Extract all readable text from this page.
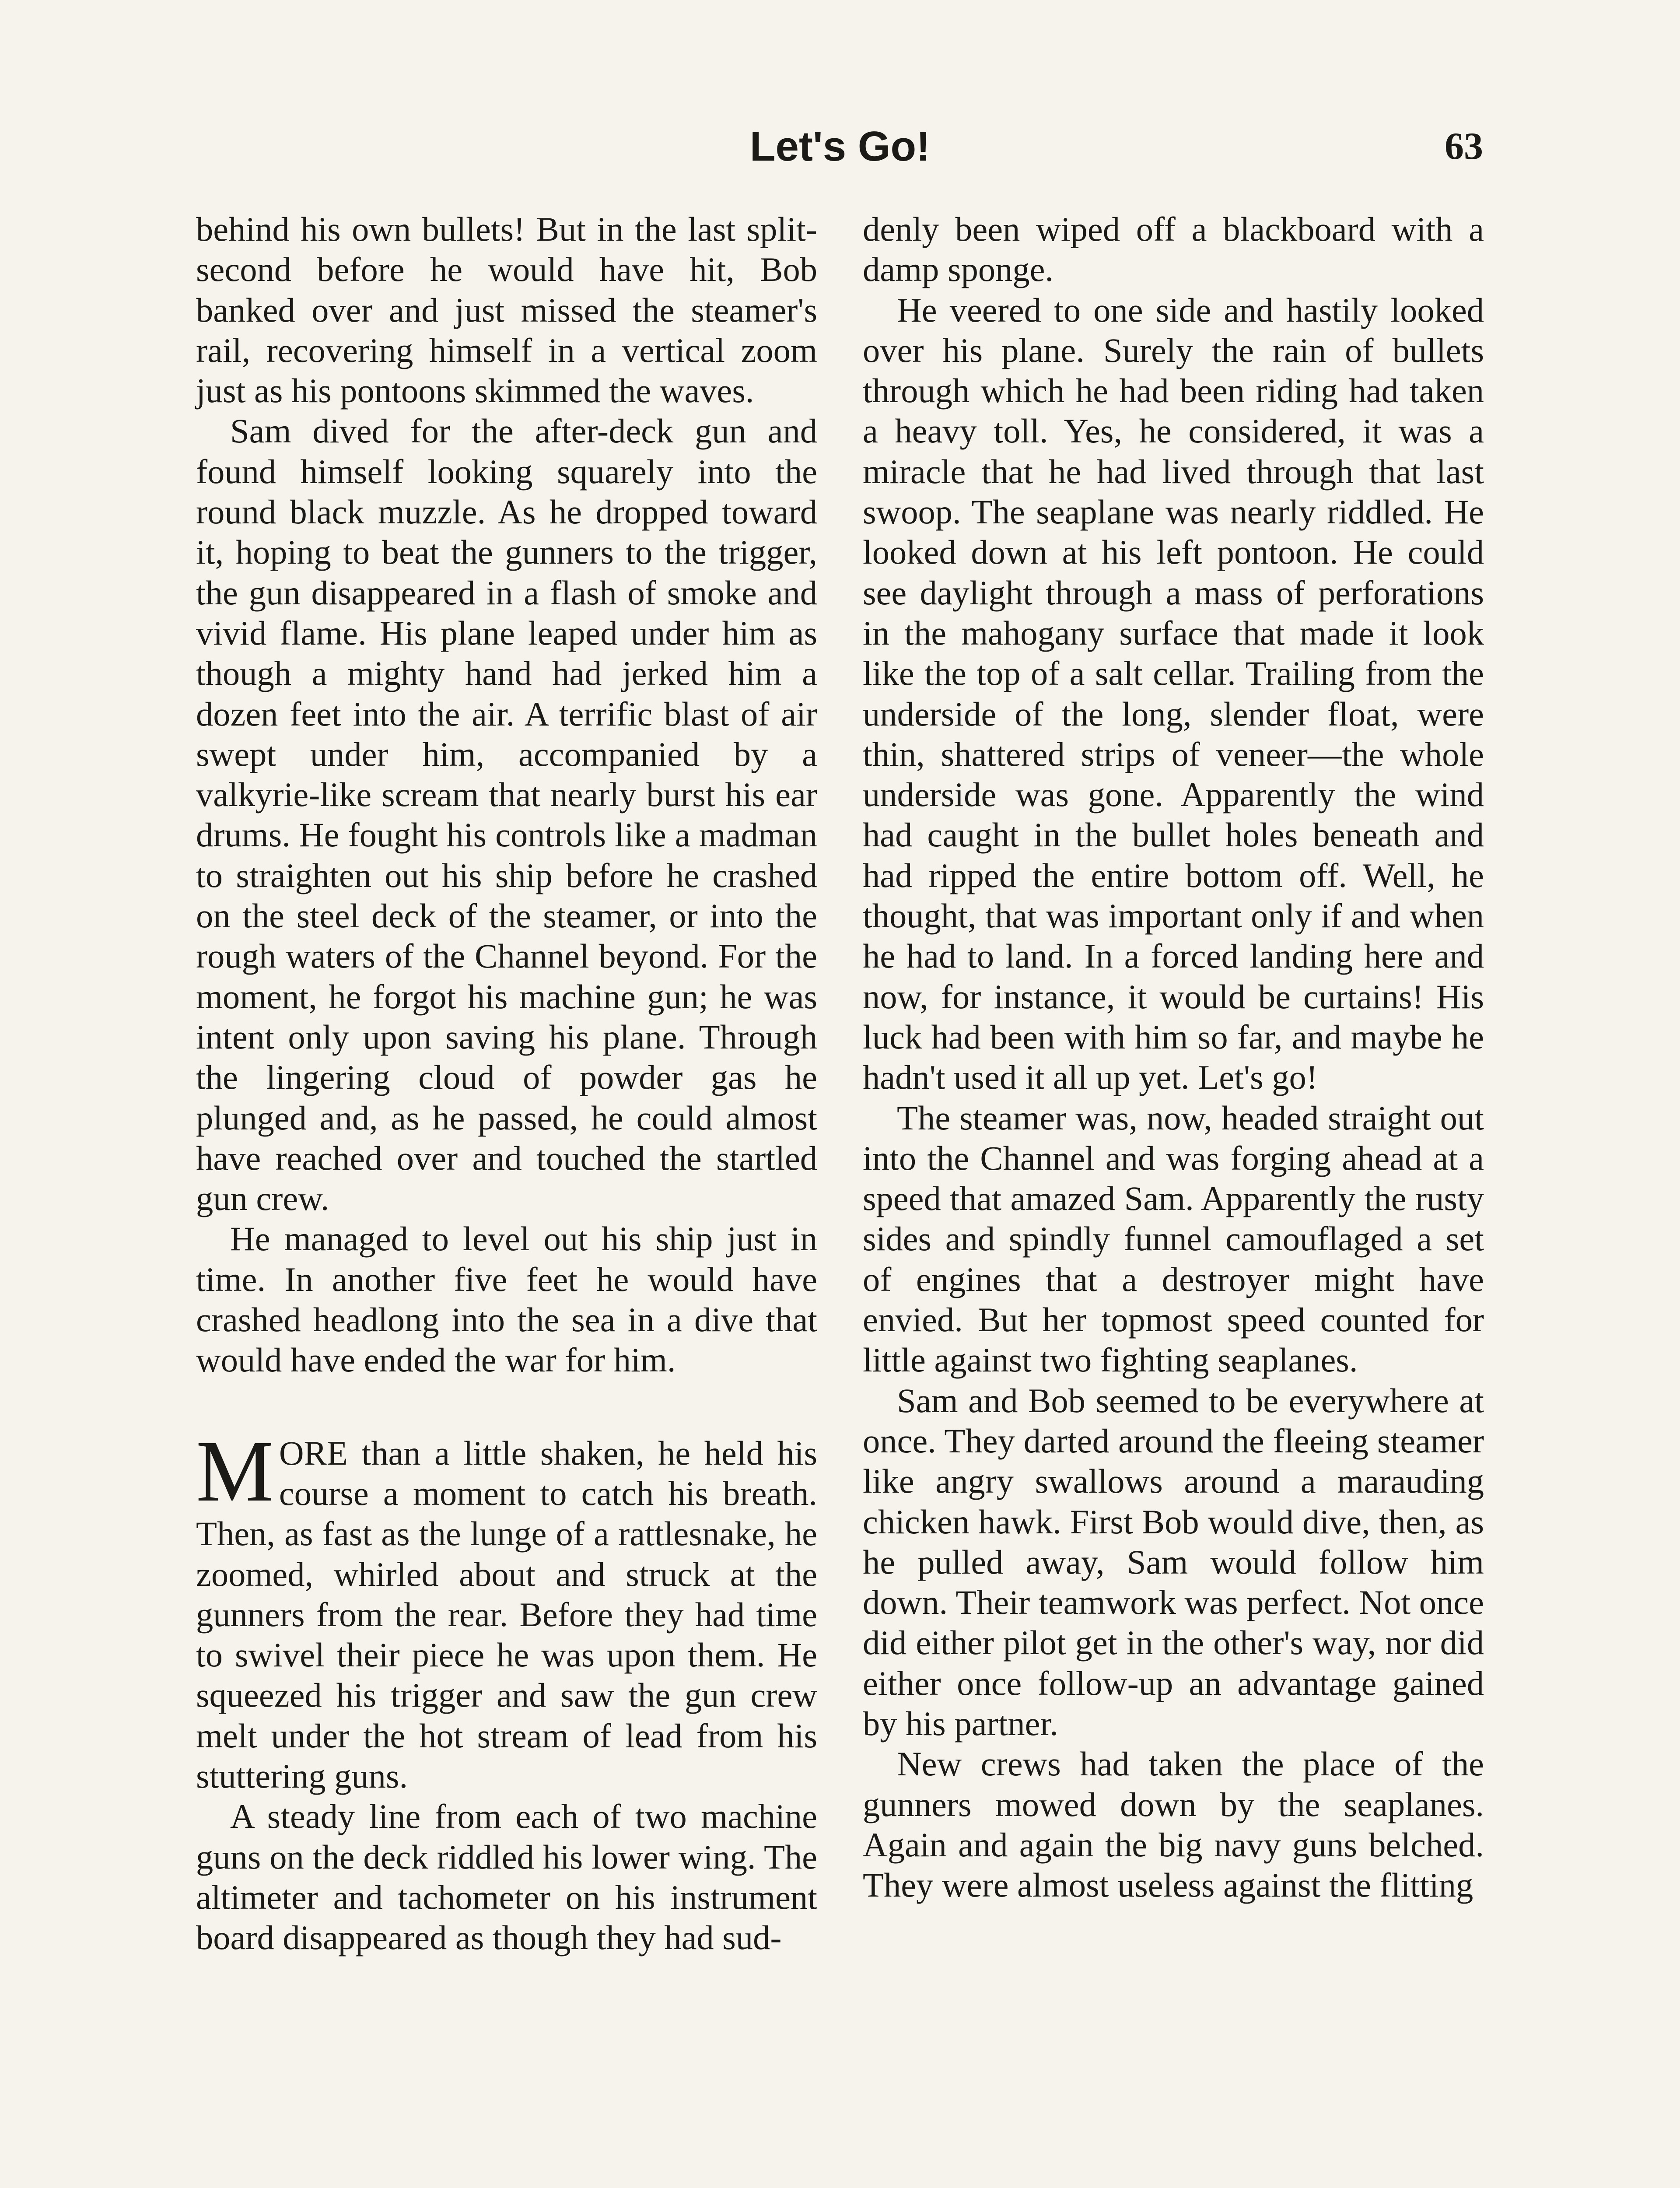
Let's Go!	63

behind his own bullets! But in the last split-second before he would have hit, Bob banked over and just missed the steamer's rail, recovering himself in a vertical zoom just as his pontoons skimmed the waves.

Sam dived for the after-deck gun and found himself looking squarely into the round black muzzle. As he dropped toward it, hoping to beat the gunners to the trigger, the gun disappeared in a flash of smoke and vivid flame. His plane leaped under him as though a mighty hand had jerked him a dozen feet into the air. A terrific blast of air swept under him, accompanied by a valkyrie-like scream that nearly burst his ear drums. He fought his controls like a madman to straighten out his ship before he crashed on the steel deck of the steamer, or into the rough waters of the Channel beyond. For the moment, he forgot his machine gun; he was intent only upon saving his plane. Through the lingering cloud of powder gas he plunged and, as he passed, he could almost have reached over and touched the startled gun crew.

He managed to level out his ship just in time. In another five feet he would have crashed headlong into the sea in a dive that would have ended the war for him.

MORE than a little shaken, he held his course a moment to catch his breath. Then, as fast as the lunge of a rattlesnake, he zoomed, whirled about and struck at the gunners from the rear. Before they had time to swivel their piece he was upon them. He squeezed his trigger and saw the gun crew melt under the hot stream of lead from his stuttering guns.

A steady line from each of two machine guns on the deck riddled his lower wing. The altimeter and tachometer on his instrument board disappeared as though they had sud-

denly been wiped off a blackboard with a damp sponge.

He veered to one side and hastily looked over his plane. Surely the rain of bullets through which he had been riding had taken a heavy toll. Yes, he considered, it was a miracle that he had lived through that last swoop. The seaplane was nearly riddled. He looked down at his left pontoon. He could see daylight through a mass of perforations in the mahogany surface that made it look like the top of a salt cellar. Trailing from the underside of the long, slender float, were thin, shattered strips of veneer—the whole underside was gone. Apparently the wind had caught in the bullet holes beneath and had ripped the entire bottom off. Well, he thought, that was important only if and when he had to land. In a forced landing here and now, for instance, it would be curtains! His luck had been with him so far, and maybe he hadn't used it all up yet. Let's go!

The steamer was, now, headed straight out into the Channel and was forging ahead at a speed that amazed Sam. Apparently the rusty sides and spindly funnel camouflaged a set of engines that a destroyer might have envied. But her topmost speed counted for little against two fighting seaplanes.

Sam and Bob seemed to be everywhere at once. They darted around the fleeing steamer like angry swallows around a marauding chicken hawk. First Bob would dive, then, as he pulled away, Sam would follow him down. Their teamwork was perfect. Not once did either pilot get in the other's way, nor did either once follow-up an advantage gained by his partner.

New crews had taken the place of the gunners mowed down by the seaplanes. Again and again the big navy guns belched. They were almost useless against the flitting
